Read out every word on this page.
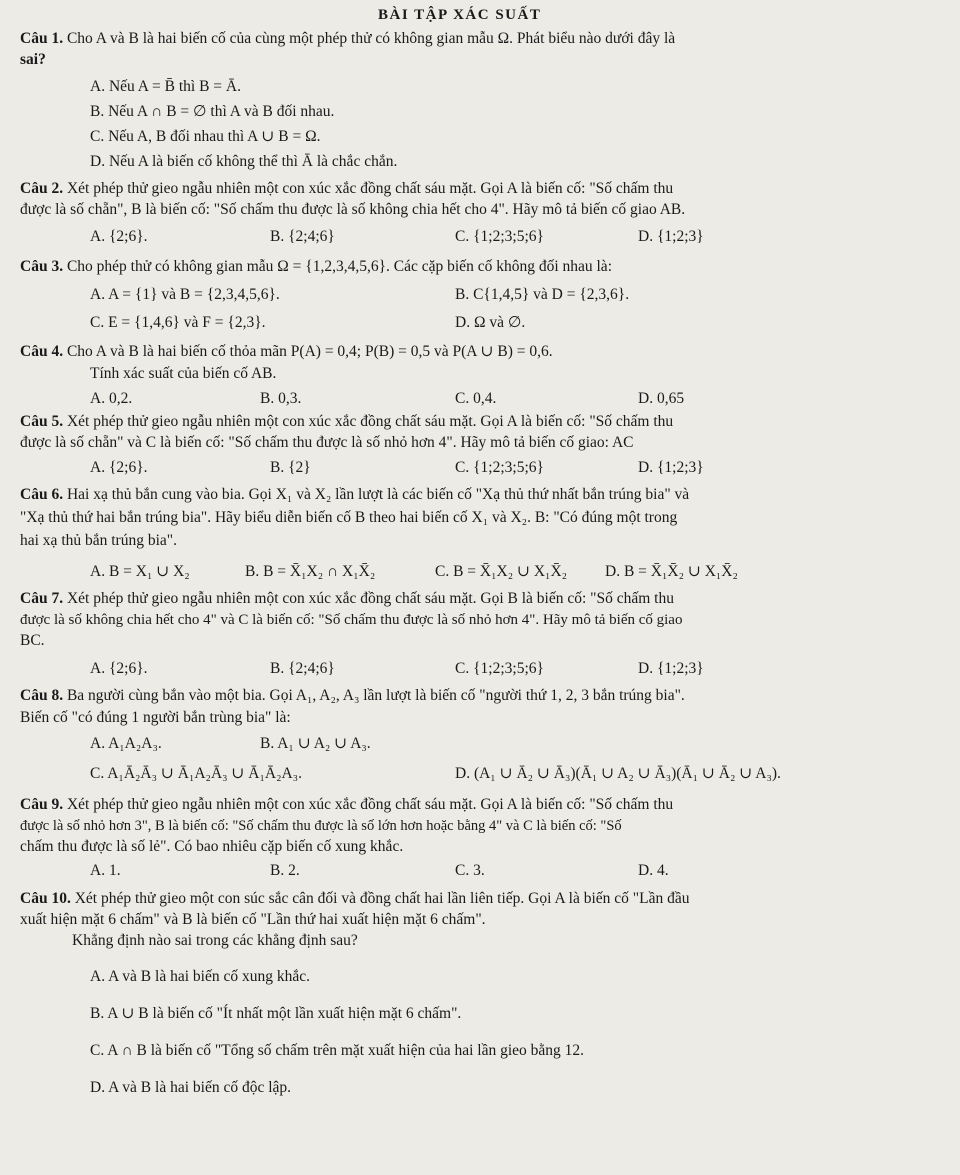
BÀI TẬP XÁC SUẤT
Câu 1. Cho A và B là hai biến cố của cùng một phép thử có không gian mẫu Ω. Phát biểu nào dưới đây là
sai?
A. Nếu A = B̄ thì B = Ā.
B. Nếu A ∩ B = ∅ thì A và B đối nhau.
C. Nếu A, B đối nhau thì A ∪ B = Ω.
D. Nếu A là biến cố không thể thì Ā là chắc chắn.
Câu 2. Xét phép thử gieo ngẫu nhiên một con xúc xắc đồng chất sáu mặt. Gọi A là biến cố: "Số chấm thu
được là số chẵn", B là biến cố: "Số chấm thu được là số không chia hết cho 4". Hãy mô tả biến cố giao AB.
A. {2;6}.	B. {2;4;6}	C. {1;2;3;5;6}	D. {1;2;3}
Câu 3. Cho phép thử có không gian mẫu Ω = {1,2,3,4,5,6}. Các cặp biến cố không đối nhau là:
A. A = {1} và B = {2,3,4,5,6}.	B. C{1,4,5} và D = {2,3,6}.
C. E = {1,4,6} và F = {2,3}.	D. Ω và ∅.
Câu 4. Cho A và B là hai biến cố thỏa mãn P(A) = 0,4; P(B) = 0,5 và P(A ∪ B) = 0,6.
Tính xác suất của biến cố AB.
A. 0,2.	B. 0,3.	C. 0,4.	D. 0,65
Câu 5. Xét phép thử gieo ngẫu nhiên một con xúc xắc đồng chất sáu mặt. Gọi A là biến cố: "Số chấm thu
được là số chẵn" và C là biến cố: "Số chấm thu được là số nhỏ hơn 4". Hãy mô tả biến cố giao: AC
A. {2;6}.	B. {2}	C. {1;2;3;5;6}	D. {1;2;3}
Câu 6. Hai xạ thủ bắn cung vào bia. Gọi X₁ và X₂ lần lượt là các biến cố "Xạ thủ thứ nhất bắn trúng bia" và
"Xạ thủ thứ hai bắn trúng bia". Hãy biểu diễn biến cố B theo hai biến cố X₁ và X₂. B: "Có đúng một trong
hai xạ thủ bắn trúng bia".
A. B = X₁ ∪ X₂	B. B = X̄₁X₂ ∩ X₁X̄₂	C. B = X̄₁X₂ ∪ X₁X̄₂ D. B = X̄₁X̄₂ ∪ X₁X̄₂
Câu 7. Xét phép thử gieo ngẫu nhiên một con xúc xắc đồng chất sáu mặt. Gọi B là biến cố: "Số chấm thu
được là số không chia hết cho 4" và C là biến cố: "Số chấm thu được là số nhỏ hơn 4". Hãy mô tả biến cố giao
BC.
A. {2;6}.	B. {2;4;6}	C. {1;2;3;5;6}	D. {1;2;3}
Câu 8. Ba người cùng bắn vào một bia. Gọi A₁, A₂, A₃ lần lượt là biến cố "người thứ 1, 2, 3 bắn trúng bia".
Biến cố "có đúng 1 người bắn trùng bia" là:
A. A₁A₂A₃.	B. A₁ ∪ A₂ ∪ A₃.
C. A₁Ā₂Ā₃ ∪ Ā₁A₂Ā₃ ∪ Ā₁Ā₂A₃.	D. (A₁ ∪ Ā₂ ∪ Ā₃)(Ā₁ ∪ A₂ ∪ Ā₃)(Ā₁ ∪ Ā₂ ∪ A₃).
Câu 9. Xét phép thử gieo ngẫu nhiên một con xúc xắc đồng chất sáu mặt. Gọi A là biến cố: "Số chấm thu
được là số nhỏ hơn 3", B là biến cố: "Số chấm thu được là số lớn hơn hoặc bằng 4" và C là biến cố: "Số
chấm thu được là số lẻ". Có bao nhiêu cặp biến cố xung khắc.
A. 1.	B. 2.	C. 3.	D. 4.
Câu 10. Xét phép thử gieo một con súc sắc cân đối và đồng chất hai lần liên tiếp. Gọi A là biến cố "Lần đầu
xuất hiện mặt 6 chấm" và B là biến cố "Lần thứ hai xuất hiện mặt 6 chấm".
Khẳng định nào sai trong các khẳng định sau?
A. A và B là hai biến cố xung khắc.
B. A ∪ B là biến cố "Ít nhất một lần xuất hiện mặt 6 chấm".
C. A ∩ B là biến cố "Tổng số chấm trên mặt xuất hiện của hai lần gieo bằng 12.
D. A và B là hai biến cố độc lập.
